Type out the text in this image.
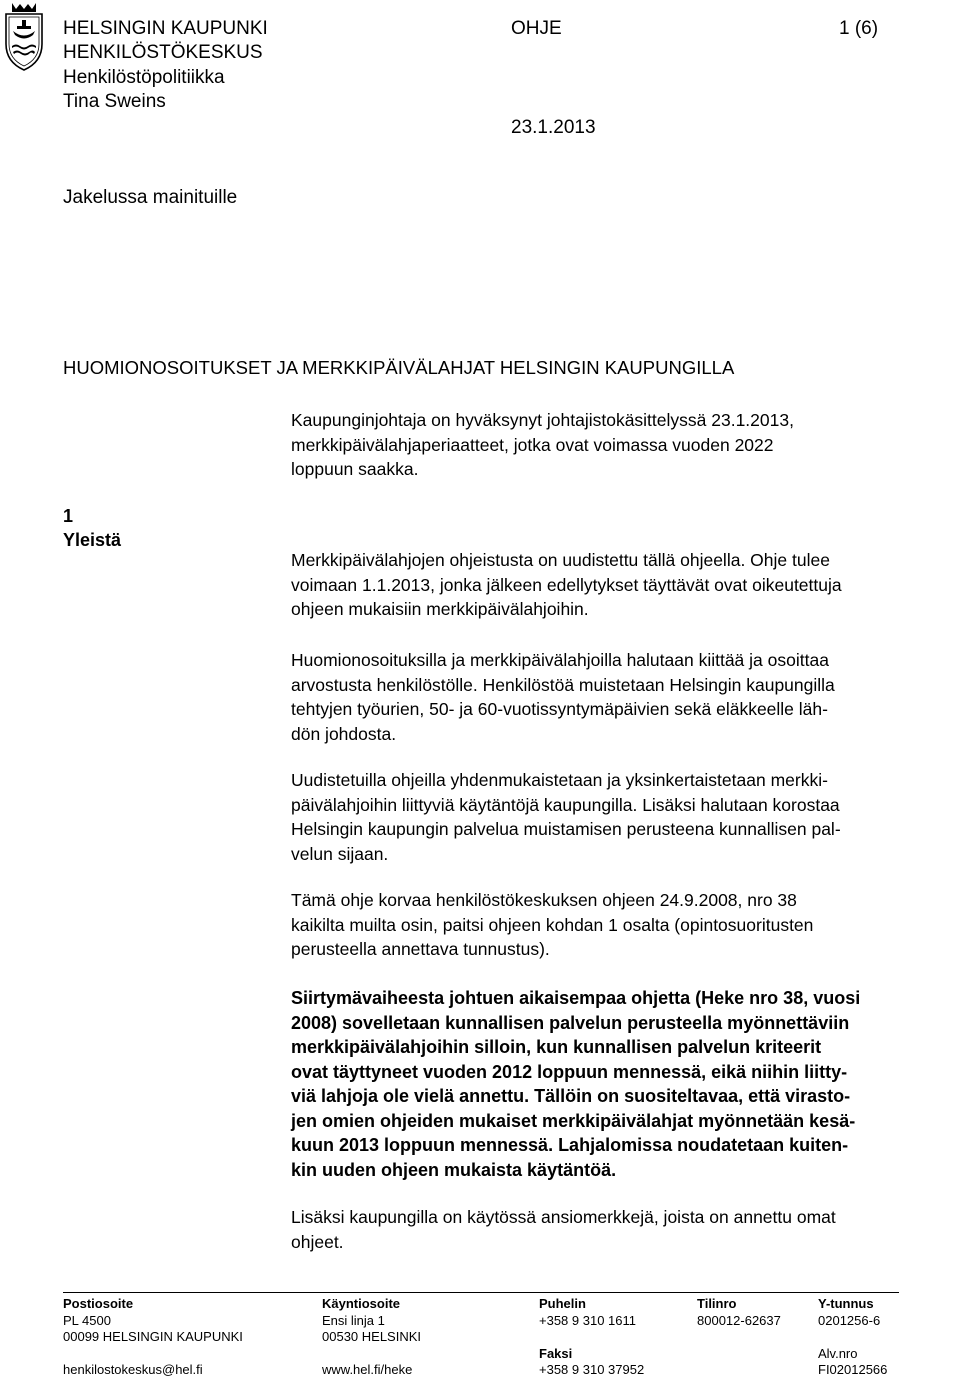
HELSINGIN KAUPUNKI
HENKILÖSTÖKESKUS
Henkilöstöpolitiikka
Tina Sweins
OHJE	1 (6)
23.1.2013
Jakelussa mainituille
HUOMIONOSOITUKSET JA MERKKIPÄIVÄLAHJAT HELSINGIN KAUPUNGILLA
1
Yleistä
Kaupunginjohtaja on hyväksynyt johtajistokäsittelyssä 23.1.2013,
merkkipäivälahjaperiaatteet, jotka ovat voimassa vuoden 2022
loppuun saakka.
Merkkipäivälahjojen ohjeistusta on uudistettu tällä ohjeella. Ohje tulee
voimaan 1.1.2013, jonka jälkeen edellytykset täyttävät ovat oikeutettuja
ohjeen mukaisiin merkkipäivälahjoihin.
Huomionosoituksilla ja merkkipäivälahjoilla halutaan kiittää ja osoittaa
arvostusta henkilöstölle. Henkilöstöä muistetaan Helsingin kaupungilla
tehtyjen työurien, 50- ja 60-vuotissyntymäpäivien sekä eläkkeelle läh-
dön johdosta.
Uudistetuilla ohjeilla yhdenmukaistetaan ja yksinkertaistetaan merkki-
päivälahjoihin liittyviä käytäntöjä kaupungilla. Lisäksi halutaan korostaa
Helsingin kaupungin palvelua muistamisen perusteena kunnallisen pal-
velun sijaan.
Tämä ohje korvaa henkilöstökeskuksen ohjeen 24.9.2008, nro 38
kaikilta muilta osin, paitsi ohjeen kohdan 1 osalta (opintosuoritusten
perusteella annettava tunnustus).
Siirtymävaiheesta johtuen aikaisempaa ohjetta (Heke nro 38, vuosi
2008) sovelletaan kunnallisen palvelun perusteella myönnettäviin
merkkipäivälahjoihin silloin, kun kunnallisen palvelun kriteerit
ovat täyttyneet vuoden 2012 loppuun mennessä, eikä niihin liitty-
viä lahjoja ole vielä annettu. Tällöin on suositeltavaa, että virasto-
jen omien ohjeiden mukaiset merkkipäivälahjat myönnetään kesä-
kuun 2013 loppuun mennessä. Lahjalomissa noudatetaan kuiten-
kin uuden ohjeen mukaista käytäntöä.
Lisäksi kaupungilla on käytössä ansiomerkkejä, joista on annettu omat
ohjeet.
Postiosoite
PL 4500
00099 HELSINGIN KAUPUNKI

henkilostokeskus@hel.fi
Käyntiosoite
Ensi linja 1
00530 HELSINKI

www.hel.fi/heke
Puhelin
+358 9 310 1611

Faksi
+358 9 310 37952
Tilinro
800012-62637
Y-tunnus
0201256-6

Alv.nro
FI02012566
